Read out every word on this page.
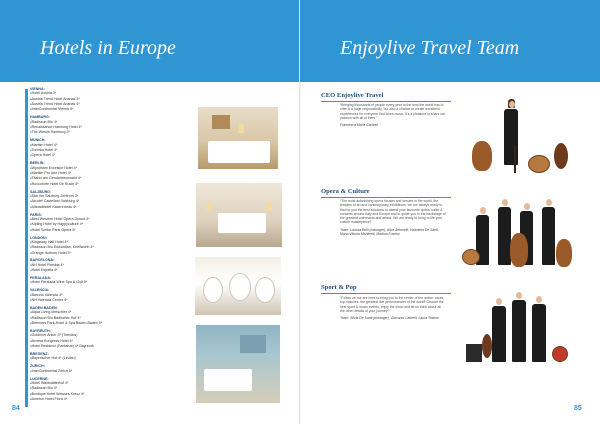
Hotels in Europe
VIENNA:
■ Hotel Austria 3*
■ Austria Trend Hotel Ananas 4*
■ Austria Trend Hotel Ananas 4*
■ InterContinental Vienna 5*
HAMBURG:
■ Radisson Blu 4*
■ Renaissance Hamburg Hotel 4*
■ The Westin Hamburg 5*
MUNICH:
■ Maritim Hotel 4*
■ Torbräu Hotel 4*
■ Opera Hotel 4*
BERLIN:
■ Wyndham Excelsior Hotel 4*
■ Maritim Pro Arte Hotel 4*
■ Titanic am Gendarmenmarkt 4*
■ Roccoforte Hotel De Rusie 4*
SALZBURG:
■ Star Inn Salzburg Zentrum 3*
■ Arcotel Castellani Salzburg 4*
■ Altstadthotel Kasererbräu 4*
PARIS:
■ Best Western Hotel Opéra Drouot 4*
■ Kipling Hotel by Happyculture 4*
■ Hotel Scribe Paris Opera 5*
LONDON:
■ Kingsway Hall Hotel 4*
■ Radisson Blu Edwardian, Kenilworth 4*
■ Grange Holborn Hotel 5*
BARCELONA:
■ NH Hotel Rambla 4*
■ Hotel España 4*
PERALADA:
■ Hotel Peralada Wine Spa & Golf 5*
VALENCIA:
■ Barceló Valencia 4*
■ NH Valencia Center 4*
BADEN BADEN:
■ Aqua Living Metschier 4*
■ Radisson Blu Badischer Hof 4*
■ Brenners Park-Hotel & Spa Baden-Baden 5*
BAYREUTH:
■ Goldener Anker 3* (Trendus)
■ Arvena Kongress Hotel 4*
■ Hotel Residenz (Fantaisie) 4* Bayreuth
BREGENZ:
■ Bayerischer Hof 4* (Lindau)
ZURICH:
■ InterContinental Zurich 5*
LUCERNE:
■ Hotel Waldstätterhof 4*
■ Radisson Blu 4*
■ Boutique Hotel Weisses Kreuz 4*
■ Ameron Hotel Flora 4*
84
Enjoylive Travel Team
CEO Enjoylive Travel

“Bringing thousands of people every year to the best the world has to offer is a huge responsibility, but also a chance to create wonderful experiences for everyone that loves music. It's a pleasure to share our passion with all of them.”

Francesca Maria Carboni

Opera & Culture

“The most astonishing opera houses and venues in the world, the temples of art and contemporary exhibitions: we are always ready to find for you the best solutions to attend your favourite opera, ballet & concerts around Italy and Europe and to guide you to the backstage of the greatest orchestras and artists. We are ready to bring to life your culture masterpiece!”

Team: Larissa Bolli (manager), Alice Antonelli, Valentina De Santi, Maria Vittoria Martinelli, Martina Fuseini

Sport & Pop

“Follow us, we are here to bring you to the center of the action: races, top matches, the greatest live performances of the world! Choose the best sport & music events, enjoy the show and let us think about all the other details of your journey!”

Team: Silvia De Santi (manager), Giovanni Cabrelli, Laura Testoni

85
